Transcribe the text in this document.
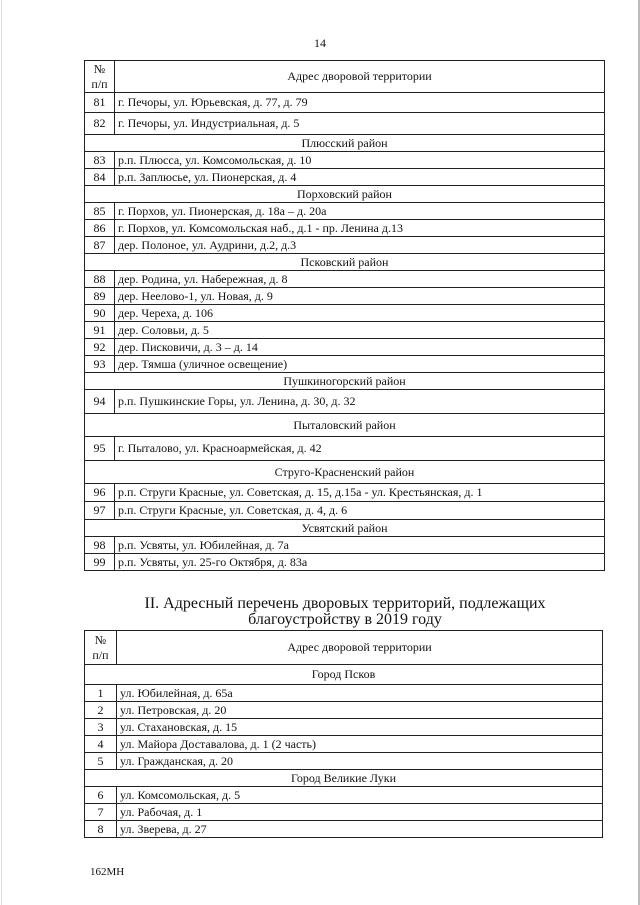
14
№
п/п	Адрес дворовой территории
81	г. Печоры, ул. Юрьевская, д. 77, д. 79
82	г. Печоры, ул. Индустриальная, д. 5
Плюсский район	
83	р.п. Плюсса, ул. Комсомольская, д. 10
84	р.п. Заплюсье, ул. Пионерская, д. 4
Порховский район	
85	г. Порхов, ул. Пионерская, д. 18а – д. 20а
86	г. Порхов, ул. Комсомольская наб., д.1 - пр. Ленина д.13
87	дер. Полоное, ул. Аудрини, д.2, д.3
Псковский район	
88	дер. Родина, ул. Набережная, д. 8
89	дер. Неелово-1, ул. Новая, д. 9
90	дер. Череха, д. 106
91	дер. Соловьи, д. 5
92	дер. Писковичи, д. 3 – д. 14
93	дер. Тямша (уличное освещение)
Пушкиногорский район	
94	р.п. Пушкинские Горы, ул. Ленина, д. 30, д. 32
Пыталовский район	
95	г. Пыталово, ул. Красноармейская, д. 42
Струго-Красненский район	
96	р.п. Струги Красные, ул. Советская, д. 15, д.15а - ул. Крестьянская, д. 1
97	р.п. Струги Красные, ул. Советская, д. 4, д. 6
Усвятский район	
98	р.п. Усвяты, ул. Юбилейная, д. 7а
99	р.п. Усвяты, ул. 25-го Октября, д. 83а
II. Адресный перечень дворовых территорий, подлежащих благоустройству в 2019 году
№
п/п	Адрес дворовой территории
Город Псков	
1	ул. Юбилейная, д. 65а
2	ул. Петровская, д. 20
3	ул. Стахановская, д. 15
4	ул. Майора Доставалова, д. 1 (2 часть)
5	ул. Гражданская, д. 20
Город Великие Луки	
6	ул. Комсомольская, д. 5
7	ул. Рабочая, д. 1
8	ул. Зверева, д. 27
162МН
